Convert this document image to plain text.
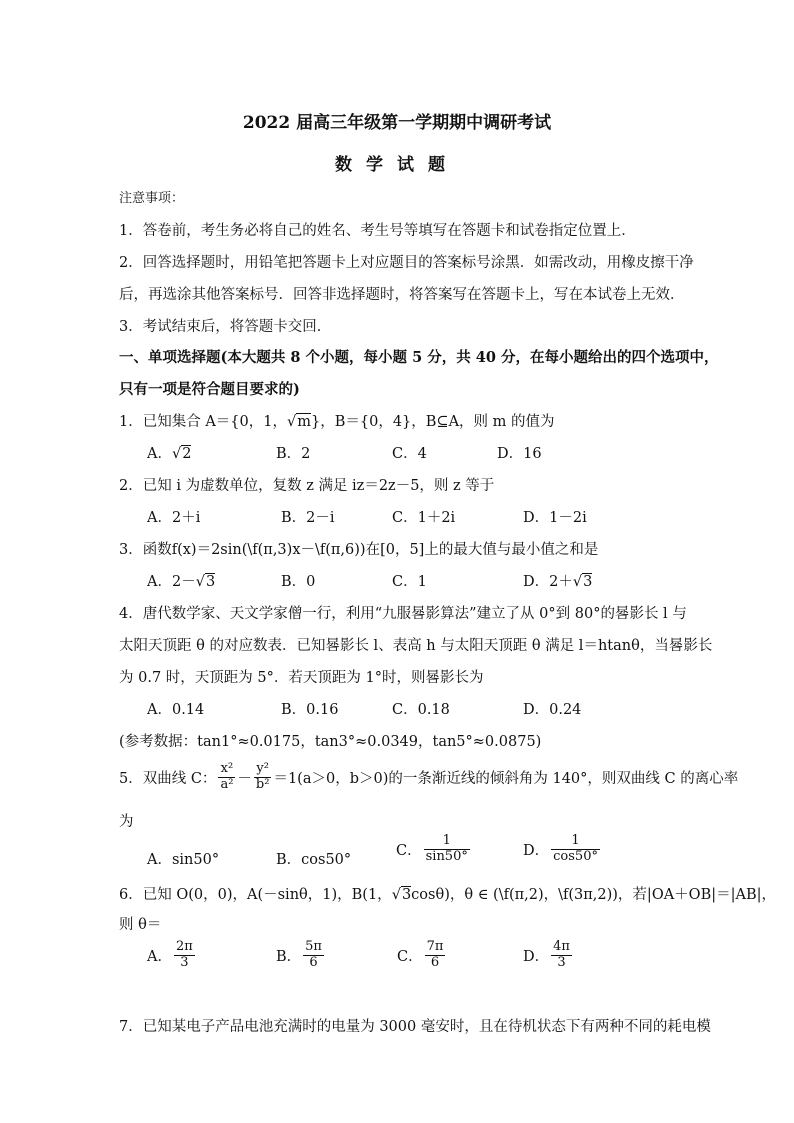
2022 届高三年级第一学期期中调研考试
数学试题
注意事项：
1．答卷前，考生务必将自己的姓名、考生号等填写在答题卡和试卷指定位置上．
2．回答选择题时，用铅笔把答题卡上对应题目的答案标号涂黑．如需改动，用橡皮擦干净
后，再选涂其他答案标号．回答非选择题时，将答案写在答题卡上，写在本试卷上无效．
3．考试结束后，将答题卡交回．
一、单项选择题(本大题共 8 个小题，每小题 5 分，共 40 分，在每小题给出的四个选项中，
只有一项是符合题目要求的)
1．已知集合 A＝{0，1，√m}，B＝{0，4}，B⊆A，则 m 的值为
A．√2	B．2	C．4	D．16
2．已知 i 为虚数单位，复数 z 满足 iz＝2z－5，则 z 等于
A．2＋i	B．2－i	C．1＋2i	D．1－2i
3．函数f(x)＝2sin(\f(π,3)x－\f(π,6))在[0，5]上的最大值与最小值之和是
A．2－√3	B．0	C．1	D．2＋√3
4．唐代数学家、天文学家僧一行，利用“九服晷影算法”建立了从 0°到 80°的晷影长 l 与
太阳天顶距 θ 的对应数表．已知晷影长 l、表高 h 与太阳天顶距 θ 满足 l＝htanθ，当晷影长
为 0.7 时，天顶距为 5°．若天顶距为 1°时，则晷影长为
A．0.14	B．0.16	C．0.18	D．0.24
(参考数据：tan1°≈0.0175，tan3°≈0.0349，tan5°≈0.0875)
5．双曲线 C： $\frac{\text{x²}}{\text{a²}} - \frac{\text{y²}}{\text{b²}} =1(a>0$，b＞0)的一条渐近线的倾斜角为 140°，则双曲线 C 的离心率
为
A．sin50°	B．cos50°
C． $\frac{1}{\sin 50^\circ}$	D． $\frac{1}{\cos 50^\circ}$
6．已知 O(0，0)，A(－sinθ，1)，B(1，√3cosθ)，θ ∈ (\f(π,2)，\f(3π,2))，若|OA＋OB|＝|AB|，
则 θ＝
A． $\frac{2\pi}{3}$	B． $\frac{5\pi}{6}$	C． $\frac{7\pi}{6}$	D． $\frac{4\pi}{3}$
7．已知某电子产品电池充满时的电量为 3000 毫安时，且在待机状态下有两种不同的耗电模
